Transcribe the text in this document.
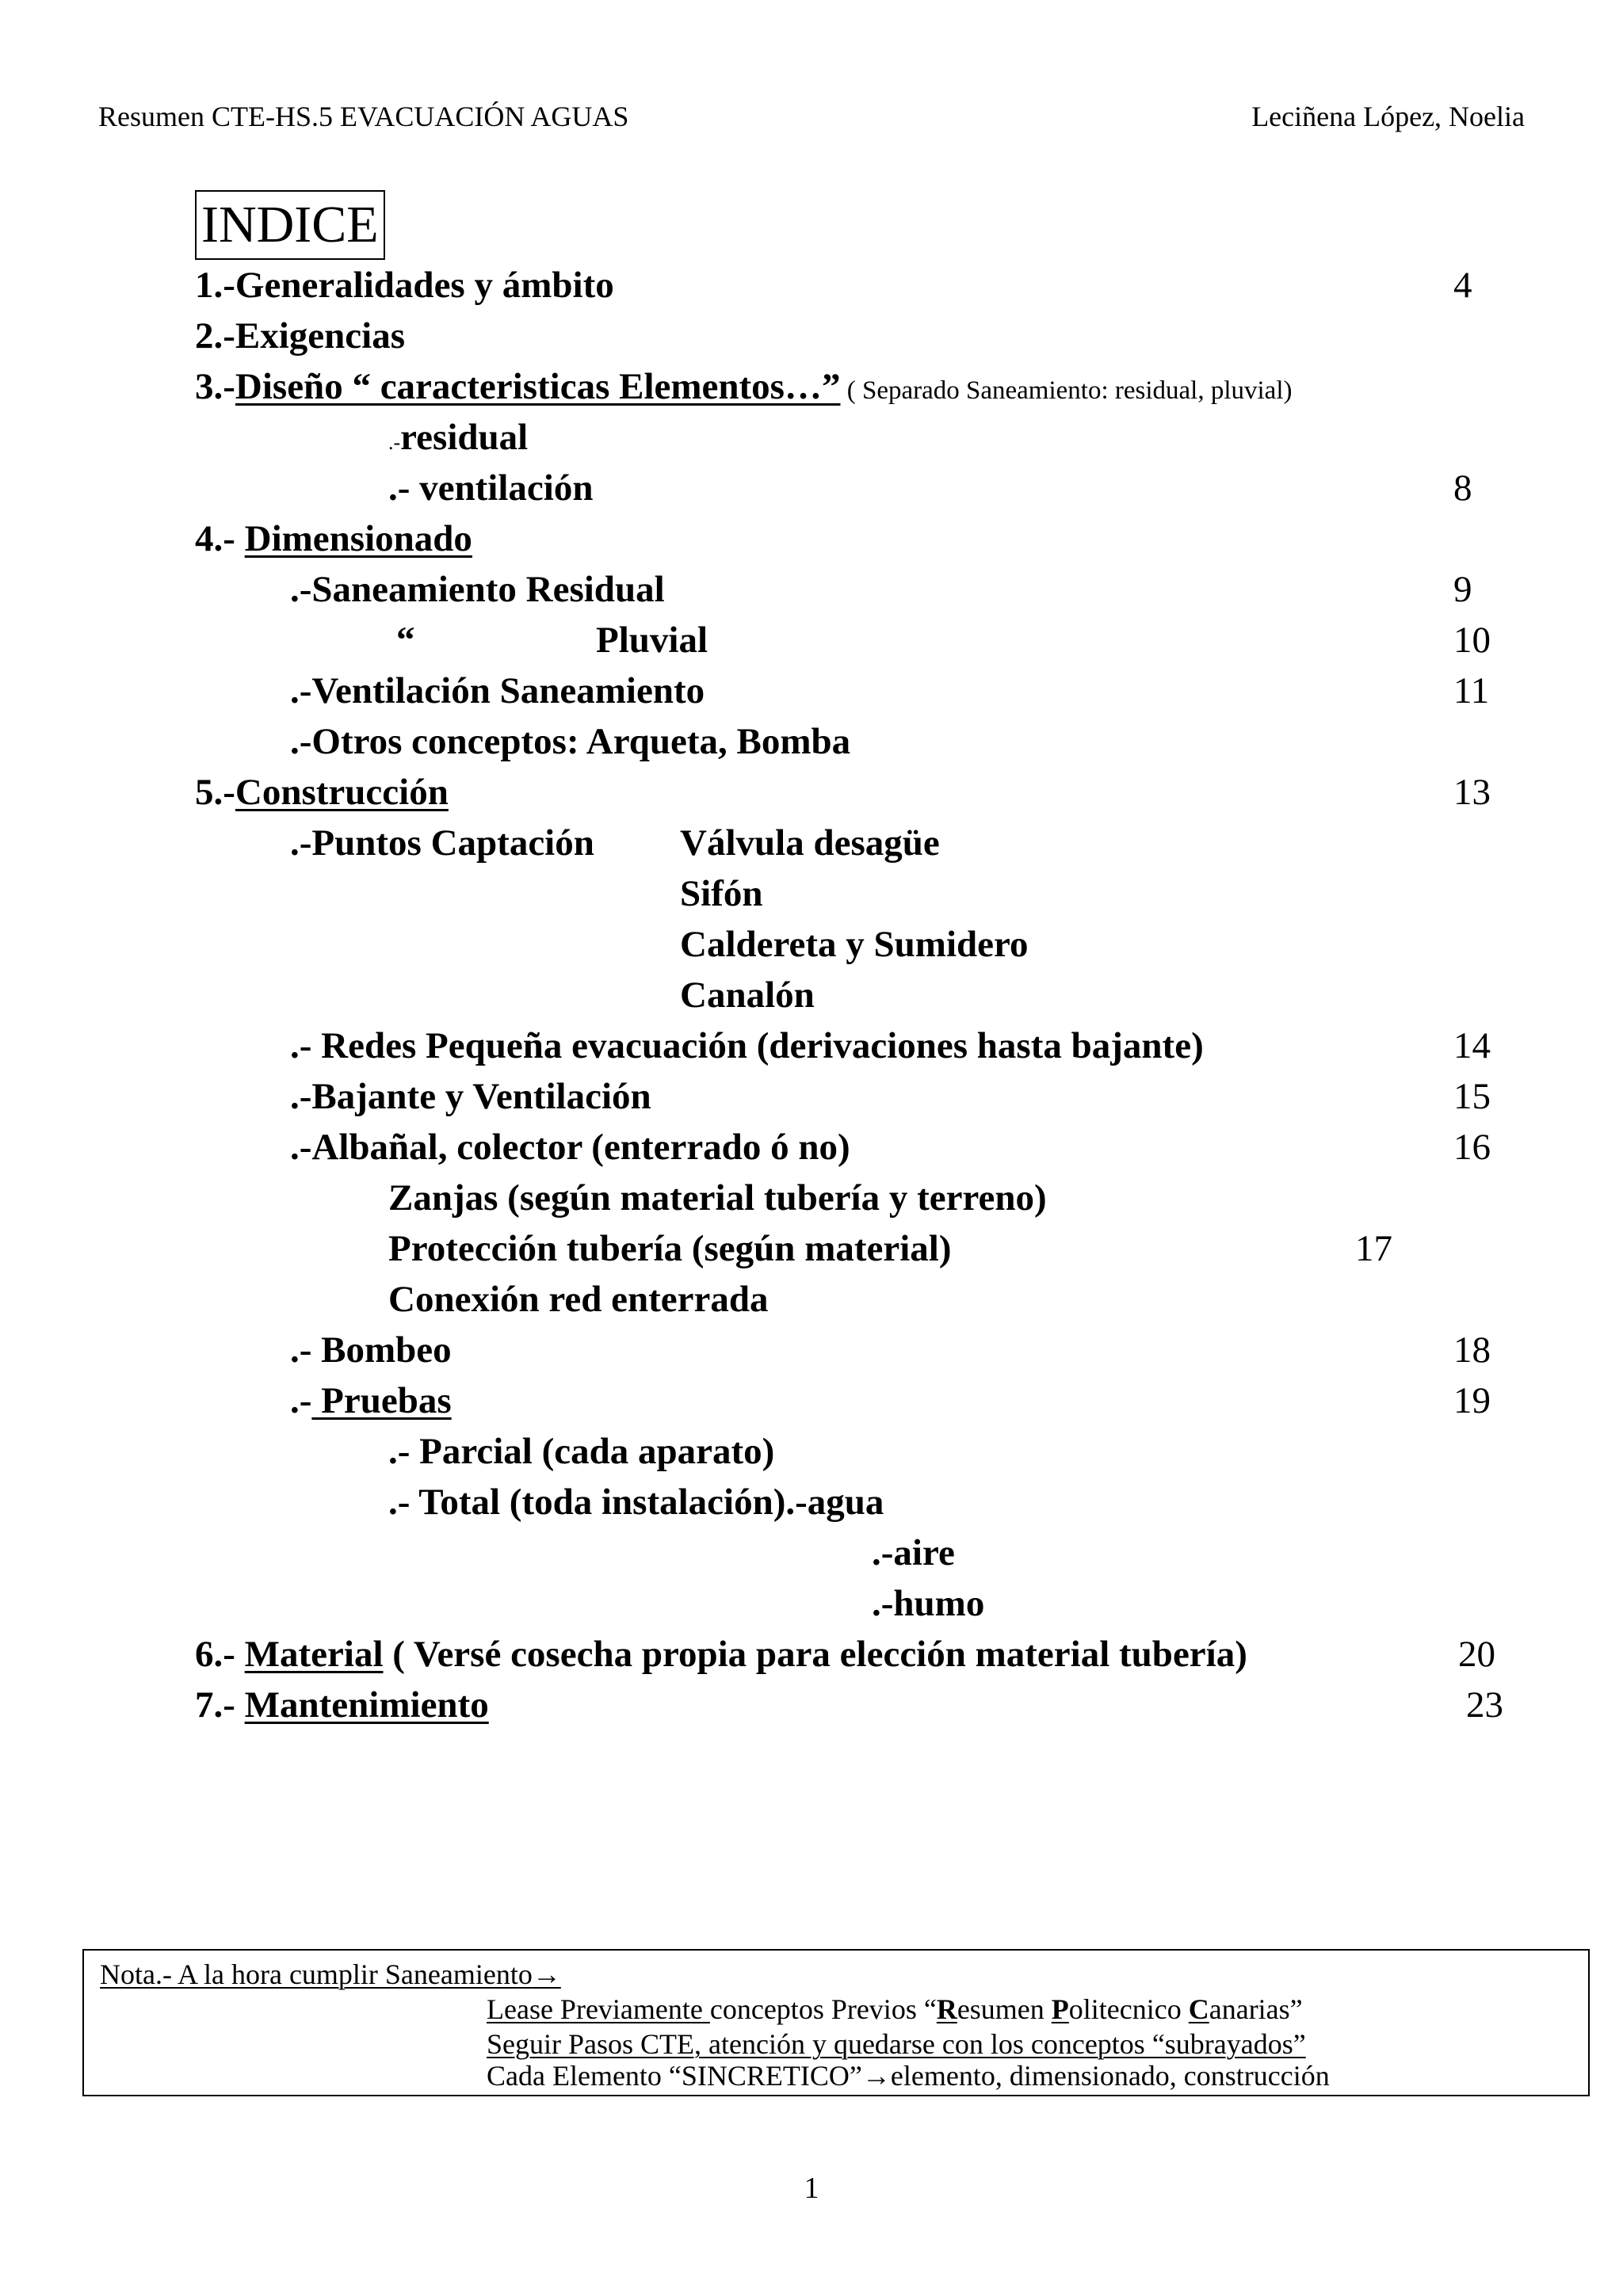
Resumen CTE-HS.5 EVACUACIÓN AGUAS	Leciñena López, Noelia
INDICE
1.-Generalidades y ámbito	4
2.-Exigencias
3.-Diseño “ caracteristicas Elementos…” ( Separado Saneamiento: residual, pluvial)
.-residual
.- ventilación	8
4.- Dimensionado
.-Saneamiento Residual	9
“	Pluvial	10
.-Ventilación Saneamiento	11
.-Otros conceptos: Arqueta, Bomba
5.-Construcción	13
.-Puntos Captación Válvula desagüe
Sifón
Caldereta y Sumidero
Canalón
.- Redes Pequeña evacuación (derivaciones hasta bajante)	14
.-Bajante y Ventilación	15
.-Albañal, colector (enterrado ó no)	16
Zanjas (según material tubería y terreno)
Protección tubería (según material)	17
Conexión red enterrada
.- Bombeo	18
.- Pruebas	19
.- Parcial (cada aparato)
.- Total (toda instalación).-agua
.-aire
.-humo
6.- Material ( Versé cosecha propia para elección material tubería)	20
7.- Mantenimiento	23
Nota.- A la hora cumplir Saneamiento→
Lease Previamente conceptos Previos “Resumen Politecnico Canarias”
Seguir Pasos CTE, atención y quedarse con los conceptos “subrayados”
Cada Elemento “SINCRETICO”→elemento, dimensionado, construcción
1
